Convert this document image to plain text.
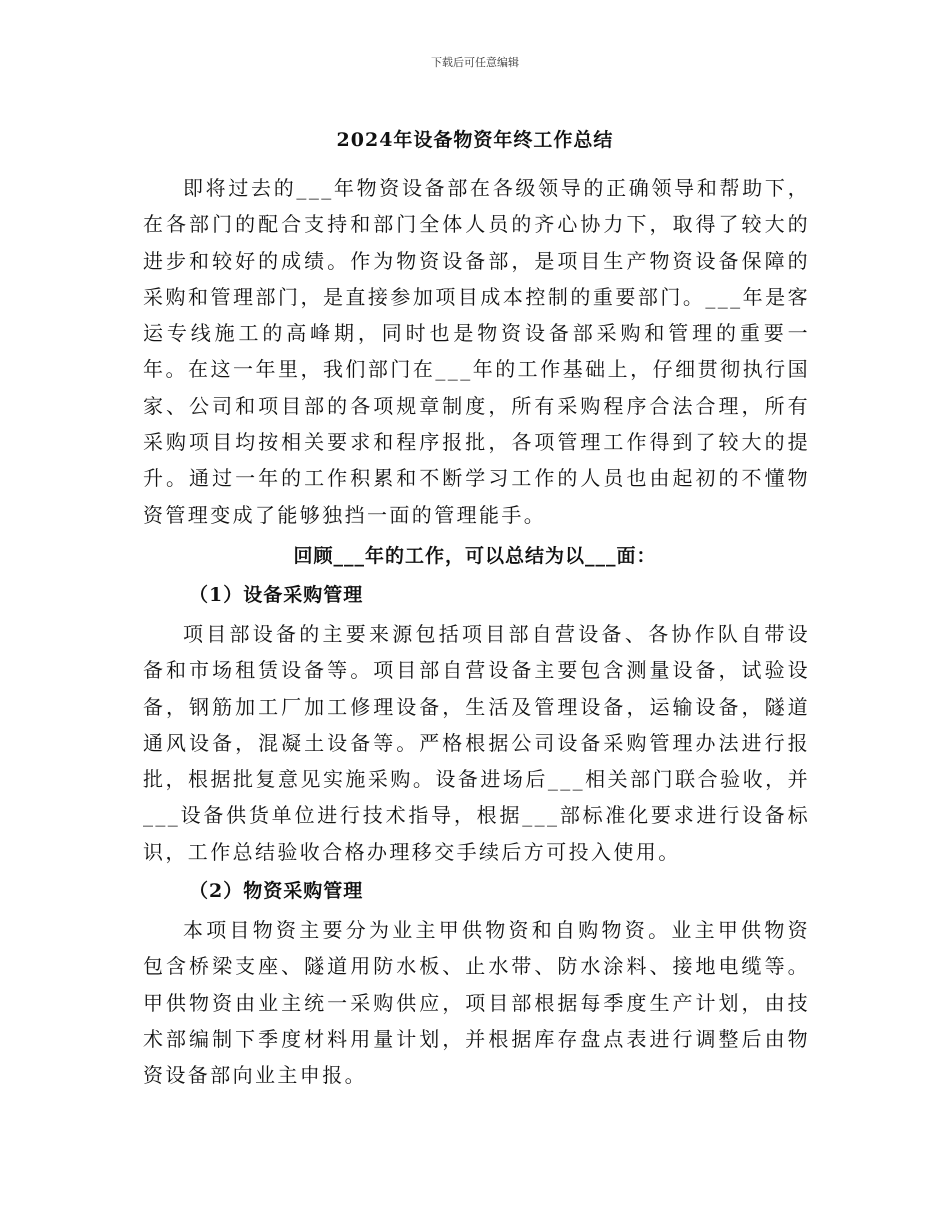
下载后可任意编辑
2024年设备物资年终工作总结

即将过去的___年物资设备部在各级领导的正确领导和帮助下，在各部门的配合支持和部门全体人员的齐心协力下，取得了较大的进步和较好的成绩。作为物资设备部，是项目生产物资设备保障的采购和管理部门，是直接参加项目成本控制的重要部门。___年是客运专线施工的高峰期，同时也是物资设备部采购和管理的重要一年。在这一年里，我们部门在___年的工作基础上，仔细贯彻执行国家、公司和项目部的各项规章制度，所有采购程序合法合理，所有采购项目均按相关要求和程序报批，各项管理工作得到了较大的提升。通过一年的工作积累和不断学习工作的人员也由起初的不懂物资管理变成了能够独挡一面的管理能手。

回顾___年的工作，可以总结为以___面：
（1）设备采购管理

项目部设备的主要来源包括项目部自营设备、各协作队自带设备和市场租赁设备等。项目部自营设备主要包含测量设备，试验设备，钢筋加工厂加工修理设备，生活及管理设备，运输设备，隧道通风设备，混凝土设备等。严格根据公司设备采购管理办法进行报批，根据批复意见实施采购。设备进场后___相关部门联合验收，并___设备供货单位进行技术指导，根据___部标准化要求进行设备标识，工作总结验收合格办理移交手续后方可投入使用。

（2）物资采购管理

本项目物资主要分为业主甲供物资和自购物资。业主甲供物资包含桥梁支座、隧道用防水板、止水带、防水涂料、接地电缆等。甲供物资由业主统一采购供应，项目部根据每季度生产计划，由技术部编制下季度材料用量计划，并根据库存盘点表进行调整后由物资设备部向业主申报。
